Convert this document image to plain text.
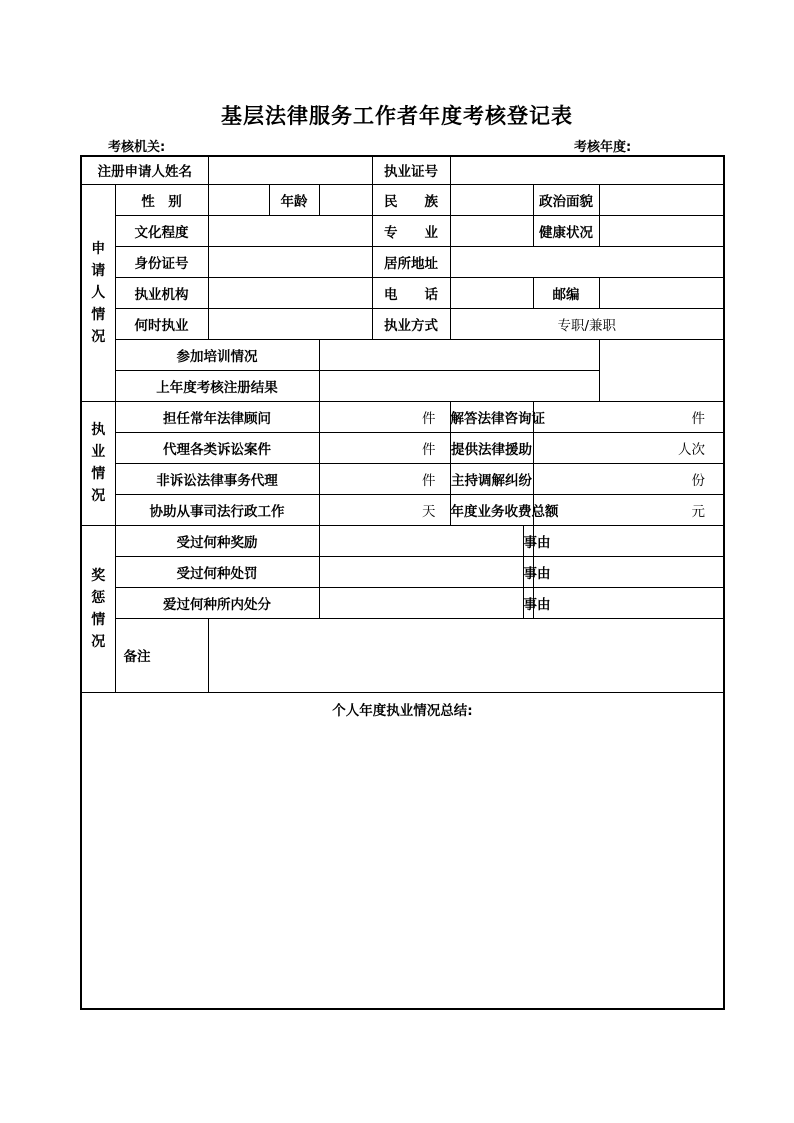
基层法律服务工作者年度考核登记表
考核机关:	考核年度:
注册申请人姓名					执业证号				

申
请
人
情
况	性　别		年龄		民　　族			政治面貌	
	文化程度				专　　业			健康状况	
	身份证号				居所地址				
	执业机构				电　　话			邮编	
	何时执业				执业方式	专职/兼职			
	参加培训情况								
	上年度考核注册结果								

执
业
情
况	担任常年法律顾问			件		解答法律咨询证		件	
	代理各类诉讼案件			件		提供法律援助		人次	
	非诉讼法律事务代理			件		主持调解纠纷		份	
	协助从事司法行政工作			天		年度业务收费总额		元	

奖
惩
情
况	受过何种奖励						事由		
	受过何种处罚						事由		
	爱过何种所内处分						事由		
	备注								
个人年度执业情况总结:									
